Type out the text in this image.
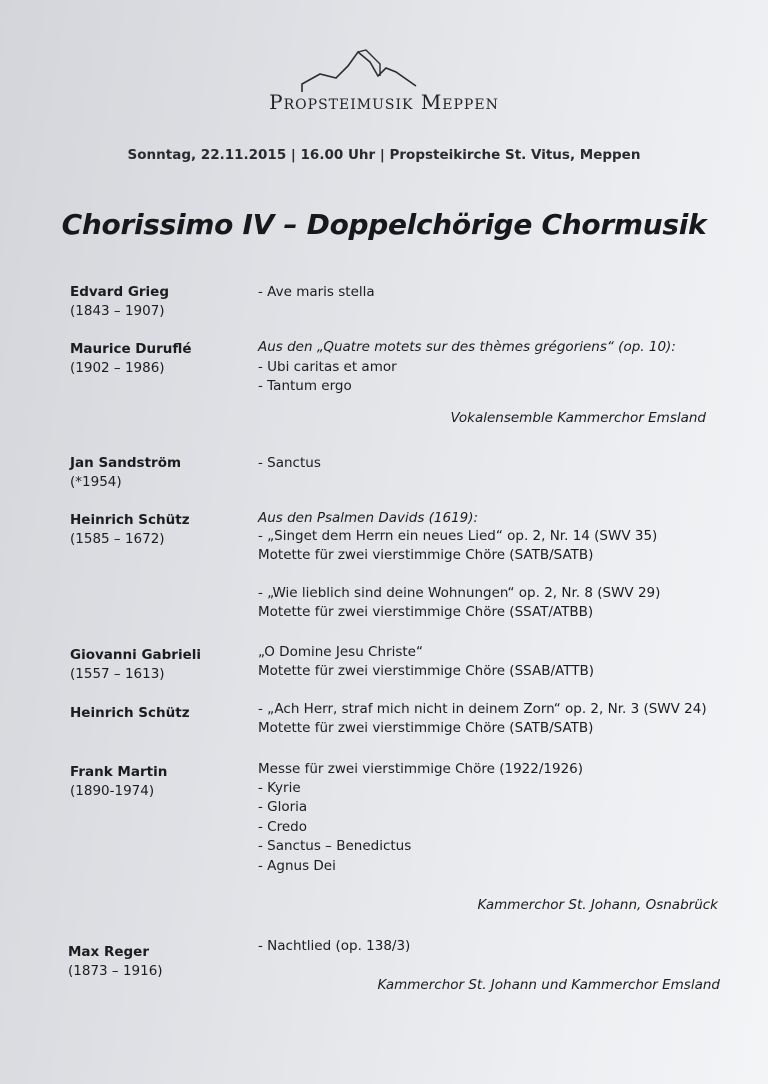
Propsteimusik Meppen
Sonntag, 22.11.2015 | 16.00 Uhr | Propsteikirche St. Vitus, Meppen
Chorissimo IV – Doppelchörige Chormusik
Edvard Grieg
(1843 – 1907)
- Ave maris stella
Maurice Duruflé
(1902 – 1986)
Aus den „Quatre motets sur des thèmes grégoriens“ (op. 10):
- Ubi caritas et amor
- Tantum ergo
Vokalensemble Kammerchor Emsland
Jan Sandström
(*1954)
- Sanctus
Heinrich Schütz
(1585 – 1672)
Aus den Psalmen Davids (1619):
- „Singet dem Herrn ein neues Lied“ op. 2, Nr. 14 (SWV 35)
Motette für zwei vierstimmige Chöre (SATB/SATB)
- „Wie lieblich sind deine Wohnungen“ op. 2, Nr. 8 (SWV 29)
Motette für zwei vierstimmige Chöre (SSAT/ATBB)
Giovanni Gabrieli
(1557 – 1613)
„O Domine Jesu Christe“
Motette für zwei vierstimmige Chöre (SSAB/ATTB)
Heinrich Schütz	- „Ach Herr, straf mich nicht in deinem Zorn“ op. 2, Nr. 3 (SWV 24)
Motette für zwei vierstimmige Chöre (SATB/SATB)
Frank Martin
(1890-1974)
Messe für zwei vierstimmige Chöre (1922/1926)
- Kyrie
- Gloria
- Credo
- Sanctus – Benedictus
- Agnus Dei
Kammerchor St. Johann, Osnabrück
Max Reger
(1873 – 1916)
- Nachtlied (op. 138/3)
Kammerchor St. Johann und Kammerchor Emsland
